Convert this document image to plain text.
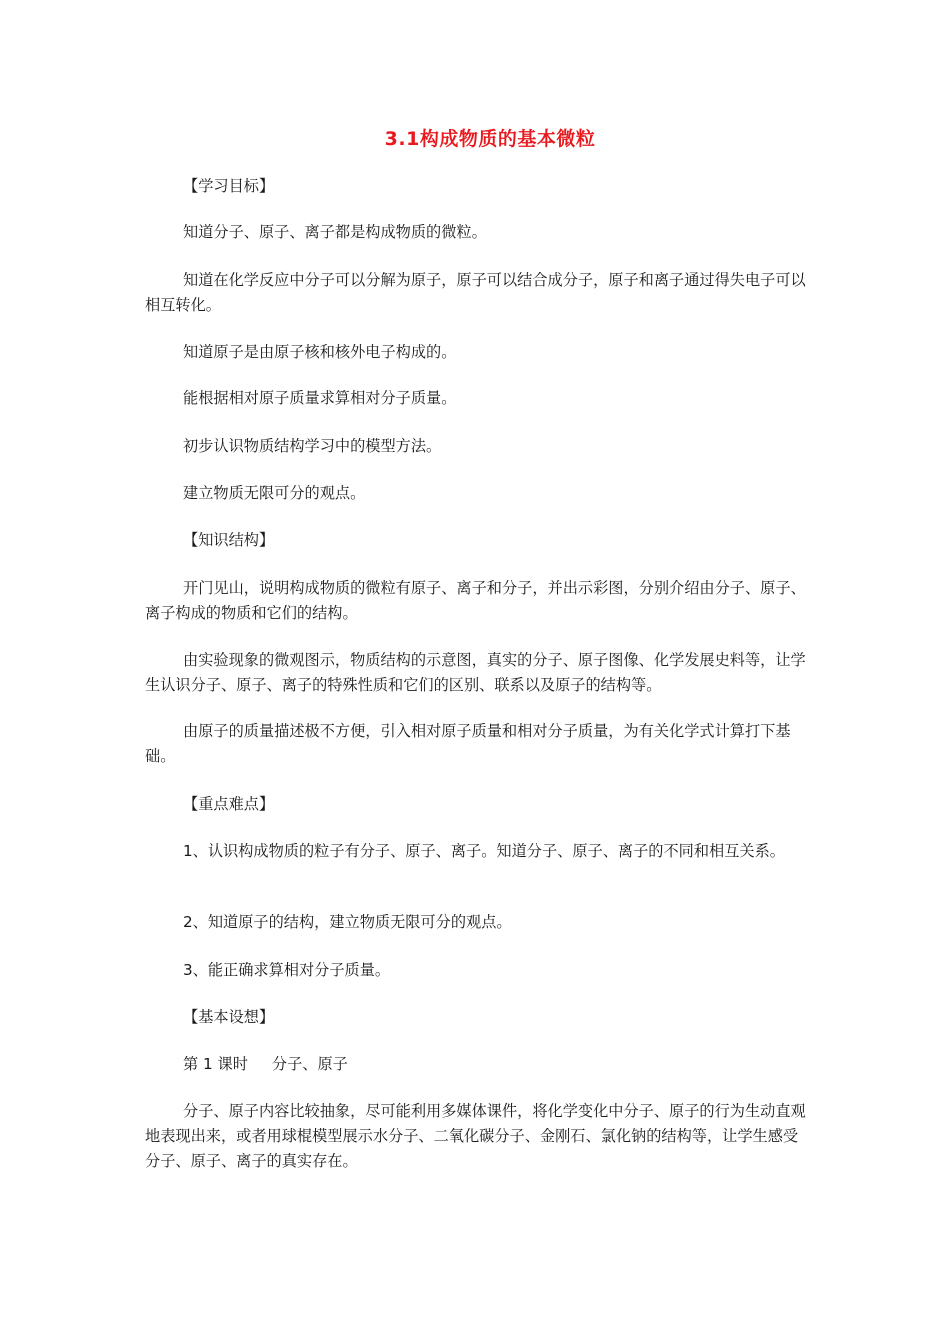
3.1构成物质的基本微粒

【学习目标】

知道分子、原子、离子都是构成物质的微粒。

知道在化学反应中分子可以分解为原子，原子可以结合成分子，原子和离子通过得失电子可以相互转化。

知道原子是由原子核和核外电子构成的。

能根据相对原子质量求算相对分子质量。

初步认识物质结构学习中的模型方法。

建立物质无限可分的观点。

【知识结构】

开门见山，说明构成物质的微粒有原子、离子和分子，并出示彩图，分别介绍由分子、原子、离子构成的物质和它们的结构。

由实验现象的微观图示，物质结构的示意图，真实的分子、原子图像、化学发展史料等，让学生认识分子、原子、离子的特殊性质和它们的区别、联系以及原子的结构等。

由原子的质量描述极不方便，引入相对原子质量和相对分子质量，为有关化学式计算打下基础。

【重点难点】

1、认识构成物质的粒子有分子、原子、离子。知道分子、原子、离子的不同和相互关系。

2、知道原子的结构，建立物质无限可分的观点。

3、能正确求算相对分子质量。

【基本设想】

第 1 课时 分子、原子

分子、原子内容比较抽象，尽可能利用多媒体课件，将化学变化中分子、原子的行为生动直观地表现出来，或者用球棍模型展示水分子、二氧化碳分子、金刚石、氯化钠的结构等，让学生感受分子、原子、离子的真实存在。
